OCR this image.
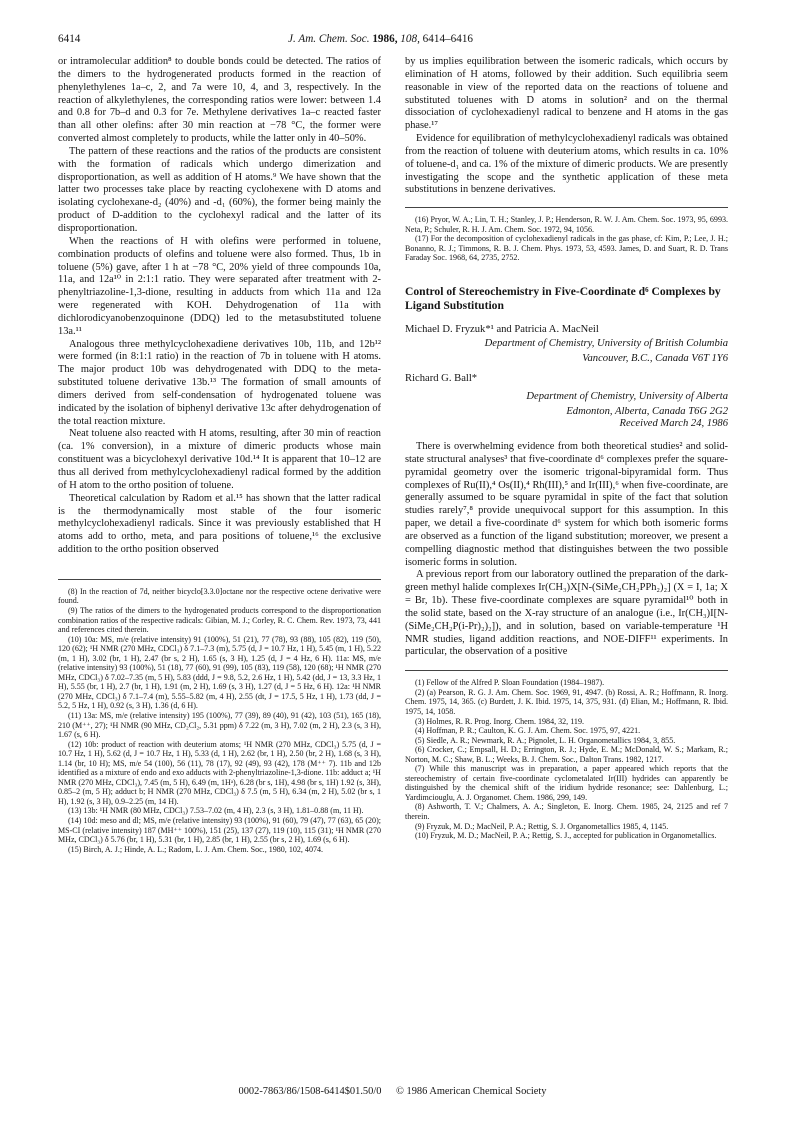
6414	J. Am. Chem. Soc. 1986, 108, 6414–6416

or intramolecular addition⁸ to double bonds could be detected. The ratios of the dimers to the hydrogenerated products formed in the reaction of phenylethylenes 1a–c, 2, and 7a were 10, 4, and 3, respectively. In the reaction of alkylethylenes, the corresponding ratios were lower: between 1.4 and 0.8 for 7b–d and 0.3 for 7e. Methylene derivatives 1a–c reacted faster than all other olefins: after 30 min reaction at −78 °C, the former were converted almost completely to products, while the latter only in 40–50%.

The pattern of these reactions and the ratios of the products are consistent with the formation of radicals which undergo dimerization and disproportionation, as well as addition of H atoms.⁹ We have shown that the latter two processes take place by reacting cyclohexene with D atoms and isolating cyclohexane-d₂ (40%) and -d₁ (60%), the former being mainly the product of D-addition to the cyclohexyl radical and the latter of its disproportionation.

When the reactions of H with olefins were performed in toluene, combination products of olefins and toluene were also formed. Thus, 1b in toluene (5%) gave, after 1 h at −78 °C, 20% yield of three compounds 10a, 11a, and 12a¹⁰ in 2:1:1 ratio. They were separated after treatment with 2-phenyltriazoline-1,3-dione, resulting in adducts from which 11a and 12a were regenerated with KOH. Dehydrogenation of 11a with dichlorodicyanobenzoquinone (DDQ) led to the metasubstituted toluene 13a.¹¹

Analogous three methylcyclohexadiene derivatives 10b, 11b, and 12b¹² were formed (in 8:1:1 ratio) in the reaction of 7b in toluene with H atoms. The major product 10b was dehydrogenated with DDQ to the meta-substituted toluene derivative 13b.¹³ The formation of small amounts of dimers derived from self-condensation of hydrogenated toluene was indicated by the isolation of biphenyl derivative 13c after dehydrogenation of the total reaction mixture.

Neat toluene also reacted with H atoms, resulting, after 30 min of reaction (ca. 1% conversion), in a mixture of dimeric products whose main constituent was a bicyclohexyl derivative 10d.¹⁴ It is apparent that 10–12 are thus all derived from methylcyclohexadienyl radical formed by the addition of H atom to the ortho position of toluene.

Theoretical calculation by Radom et al.¹⁵ has shown that the latter radical is the thermodynamically most stable of the four isomeric methylcyclohexadienyl radicals. Since it was previously established that H atoms add to ortho, meta, and para positions of toluene,¹⁶ the exclusive addition to the ortho position observed

(8) In the reaction of 7d, neither bicyclo[3.3.0]octane nor the respective octene derivative were found.

(9) The ratios of the dimers to the hydrogenated products correspond to the disproportionation combination ratios of the respective radicals: Gibian, M. J.; Corley, R. C. Chem. Rev. 1973, 73, 441 and references cited therein.

(10) 10a: MS, m/e (relative intensity) 91 (100%), 51 (21), 77 (78), 93 (88), 105 (82), 119 (50), 120 (62); ¹H NMR (270 MHz, CDCl₃) δ 7.1–7.3 (m), 5.75 (d, J = 10.7 Hz, 1 H), 5.45 (m, 1 H), 5.22 (m, 1 H), 3.02 (br, 1 H), 2.47 (br s, 2 H), 1.65 (s, 3 H), 1.25 (d, J = 4 Hz, 6 H). 11a: MS, m/e (relative intensity) 93 (100%), 51 (18), 77 (60), 91 (99), 105 (83), 119 (58), 120 (68); ¹H NMR (270 MHz, CDCl₃) δ 7.02–7.35 (m, 5 H), 5.83 (ddd, J = 9.8, 5.2, 2.6 Hz, 1 H), 5.42 (dd, J = 13, 3.3 Hz, 1 H), 5.55 (br, 1 H), 2.7 (br, 1 H), 1.91 (m, 2 H), 1.69 (s, 3 H), 1.27 (d, J = 5 Hz, 6 H). 12a: ¹H NMR (270 MHz, CDCl₃) δ 7.1–7.4 (m), 5.55–5.82 (m, 4 H), 2.55 (dt, J = 17.5, 5 Hz, 1 H), 1.73 (dd, J = 5.2, 5 Hz, 1 H), 0.92 (s, 3 H), 1.36 (d, 6 H).

(11) 13a: MS, m/e (relative intensity) 195 (100%), 77 (39), 89 (40), 91 (42), 103 (51), 165 (18), 210 (M⁺⁺, 27); ¹H NMR (90 MHz, CD₂Cl₂, 5.31 ppm) δ 7.22 (m, 3 H), 7.02 (m, 2 H), 2.3 (s, 3 H), 1.67 (s, 6 H).

(12) 10b: product of reaction with deuterium atoms; ¹H NMR (270 MHz, CDCl₃) 5.75 (d, J = 10.7 Hz, 1 H), 5.62 (d, J = 10.7 Hz, 1 H), 5.33 (d, 1 H), 2.62 (br, 1 H), 2.50 (br, 2 H), 1.68 (s, 3 H), 1.14 (br, 10 H); MS, m/e 54 (100), 56 (11), 78 (17), 92 (49), 93 (42), 178 (M⁺⁺ 7). 11b and 12b identified as a mixture of endo and exo adducts with 2-phenyltriazoline-1,3-dione. 11b: adduct a; ¹H NMR (270 MHz, CDCl₃), 7.45 (m, 5 H), 6.49 (m, 1Hᵃ), 6.28 (br s, 1H), 4.98 (br s, 1H) 1.92 (s, 3H), 0.85–2 (m, 5 H); adduct b; H NMR (270 MHz, CDCl₃) δ 7.5 (m, 5 H), 6.34 (m, 2 H), 5.02 (br s, 1 H), 1.92 (s, 3 H), 0.9–2.25 (m, 14 H).

(13) 13b: ¹H NMR (80 MHz, CDCl₃) 7.53–7.02 (m, 4 H), 2.3 (s, 3 H), 1.81–0.88 (m, 11 H).

(14) 10d: meso and dl; MS, m/e (relative intensity) 93 (100%), 91 (60), 79 (47), 77 (63), 65 (20); MS-CI (relative intensity) 187 (MH⁺⁺ 100%), 151 (25), 137 (27), 119 (10), 115 (31); ¹H NMR (270 MHz, CDCl₃) δ 5.76 (br, 1 H), 5.31 (br, 1 H), 2.85 (br, 1 H), 2.55 (br s, 2 H), 1.69 (s, 6 H).

(15) Birch, A. J.; Hinde, A. L.; Radom, L. J. Am. Chem. Soc., 1980, 102, 4074.

by us implies equilibration between the isomeric radicals, which occurs by elimination of H atoms, followed by their addition. Such equilibria seem reasonable in view of the reported data on the reactions of toluene and substituted toluenes with D atoms in solution² and on the thermal dissociation of cyclohexadienyl radical to benzene and H atoms in the gas phase.¹⁷

Evidence for equilibration of methylcyclohexadienyl radicals was obtained from the reaction of toluene with deuterium atoms, which results in ca. 10% of toluene-d₁ and ca. 1% of the mixture of dimeric products. We are presently investigating the scope and the synthetic application of these meta substitutions in benzene derivatives.

(16) Pryor, W. A.; Lin, T. H.; Stanley, J. P.; Henderson, R. W. J. Am. Chem. Soc. 1973, 95, 6993. Neta, P.; Schuler, R. H. J. Am. Chem. Soc. 1972, 94, 1056.

(17) For the decomposition of cyclohexadienyl radicals in the gas phase, cf: Kim, P.; Lee, J. H.; Bonanno, R. J.; Timmons, R. B. J. Chem. Phys. 1973, 53, 4593. James, D. and Suart, R. D. Trans Faraday Soc. 1968, 64, 2735, 2752.

Control of Stereochemistry in Five-Coordinate d⁶ Complexes by Ligand Substitution
Michael D. Fryzuk*¹ and Patricia A. MacNeil
Department of Chemistry, University of British Columbia
Vancouver, B.C., Canada V6T 1Y6
Richard G. Ball*
Department of Chemistry, University of Alberta
Edmonton, Alberta, Canada T6G 2G2
Received March 24, 1986

There is overwhelming evidence from both theoretical studies² and solid-state structural analyses³ that five-coordinate d⁶ complexes prefer the square-pyramidal geometry over the isomeric trigonal-bipyramidal form. Thus complexes of Ru(II),⁴ Os(II),⁴ Rh(III),⁵ and Ir(III),⁶ when five-coordinate, are generally assumed to be square pyramidal in spite of the fact that solution studies rarely⁷,⁸ provide unequivocal support for this assumption. In this paper, we detail a five-coordinate d⁶ system for which both isomeric forms are observed as a function of the ligand substitution; moreover, we present a compelling diagnostic method that distinguishes between the two possible isomeric forms in solution.

A previous report from our laboratory outlined the preparation of the dark-green methyl halide complexes Ir(CH₃)X[N-(SiMe₂CH₂PPh₂)₂] (X = I, 1a; X = Br, 1b). These five-coordinate complexes are square pyramidal¹⁰ both in the solid state, based on the X-ray structure of an analogue (i.e., Ir(CH₃)I[N-(SiMe₂CH₂P(i-Pr)₂)₂]), and in solution, based on variable-temperature ¹H NMR studies, ligand addition reactions, and NOE-DIFF¹¹ experiments. In particular, the observation of a positive

(1) Fellow of the Alfred P. Sloan Foundation (1984–1987).

(2) (a) Pearson, R. G. J. Am. Chem. Soc. 1969, 91, 4947. (b) Rossi, A. R.; Hoffmann, R. Inorg. Chem. 1975, 14, 365. (c) Burdett, J. K. Ibid. 1975, 14, 375, 931. (d) Elian, M.; Hoffmann, R. Ibid. 1975, 14, 1058.

(3) Holmes, R. R. Prog. Inorg. Chem. 1984, 32, 119.

(4) Hoffman, P. R.; Caulton, K. G. J. Am. Chem. Soc. 1975, 97, 4221.

(5) Siedle, A. R.; Newmark, R. A.; Pignolet, L. H. Organometallics 1984, 3, 855.

(6) Crocker, C.; Empsall, H. D.; Errington, R. J.; Hyde, E. M.; McDonald, W. S.; Markam, R.; Norton, M. C.; Shaw, B. L.; Weeks, B. J. Chem. Soc., Dalton Trans. 1982, 1217.

(7) While this manuscript was in preparation, a paper appeared which reports that the stereochemistry of certain five-coordinate cyclometalated Ir(III) hydrides can apparently be distinguished by the chemical shift of the iridium hydride resonance; see: Dahlenburg, L.; Yardimciouglu, A. J. Organomet. Chem. 1986, 299, 149.

(8) Ashworth, T. V.; Chalmers, A. A.; Singleton, E. Inorg. Chem. 1985, 24, 2125 and ref 7 therein.

(9) Fryzuk, M. D.; MacNeil, P. A.; Rettig, S. J. Organometallics 1985, 4, 1145.

(10) Fryzuk, M. D.; MacNeil, P. A.; Rettig, S. J., accepted for publication in Organometallics.

0002-7863/86/1508-6414$01.50/0 © 1986 American Chemical Society
